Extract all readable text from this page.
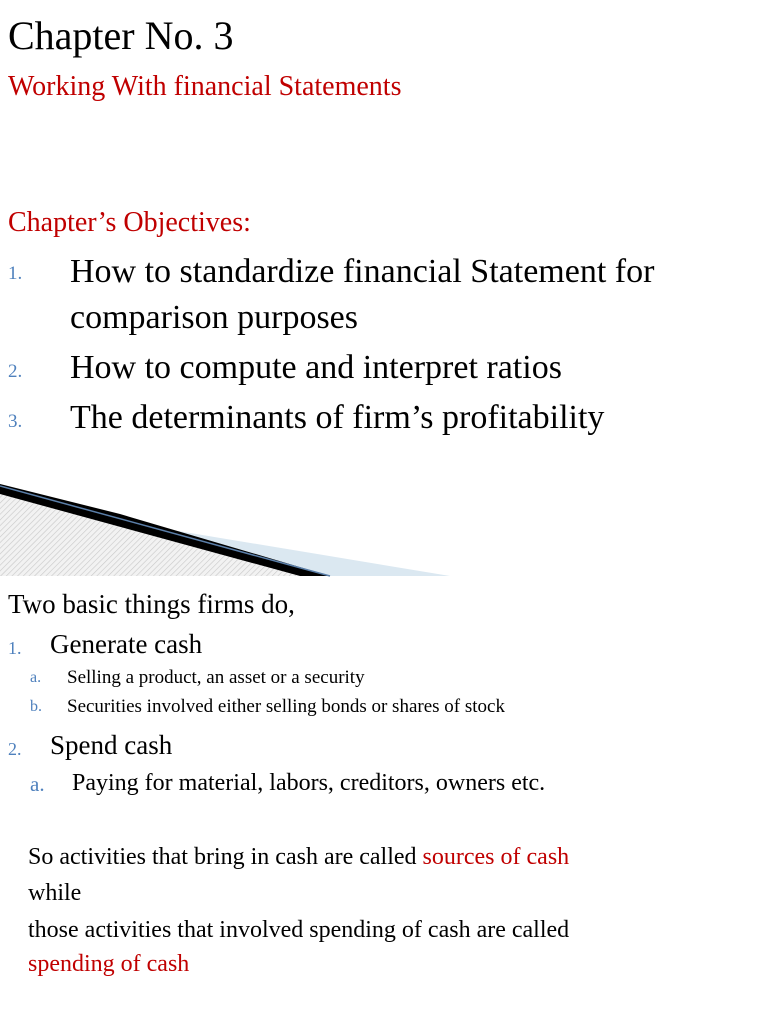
Chapter No. 3
Working With financial Statements
Chapter’s Objectives:
1. How to standardize financial Statement for
comparison purposes
2. How to compute and interpret ratios
3. The determinants of firm’s profitability
Two basic things firms do,
1. Generate cash
a. Selling a product, an asset or a security
b. Securities involved either selling bonds or shares of stock
2. Spend cash
a. Paying for material, labors, creditors, owners etc.
So activities that bring in cash are called sources of cash
while
those activities that involved spending of cash are called
spending of cash
